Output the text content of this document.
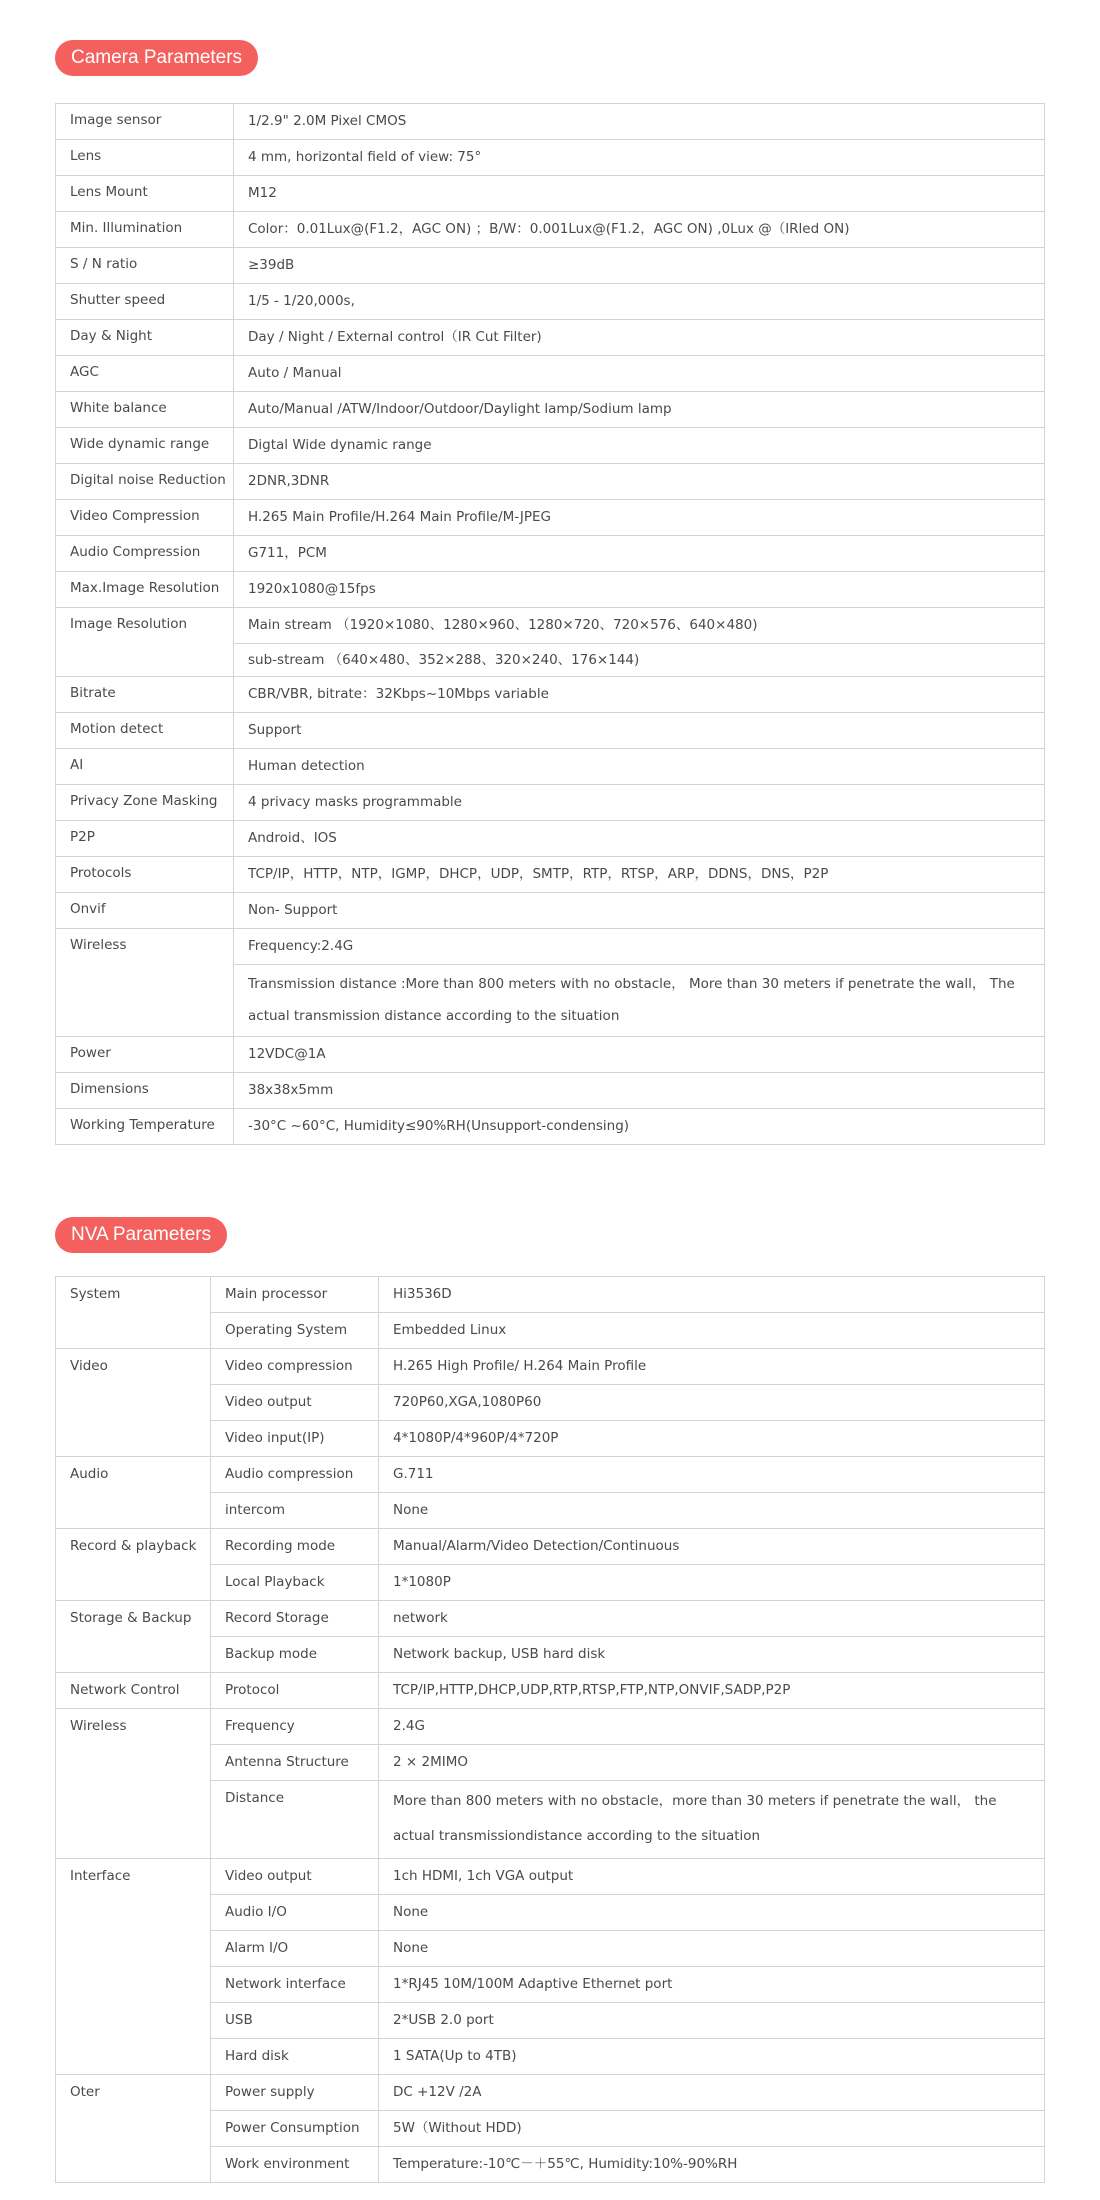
Camera Parameters
Image sensor	1/2.9" 2.0M Pixel CMOS
Lens	4 mm, horizontal field of view: 75°
Lens Mount	M12
Min. Illumination	Color：0.01Lux@(F1.2，AGC ON) ；B/W：0.001Lux@(F1.2，AGC ON) ,0Lux @（IRled ON)
S / N ratio	≥39dB
Shutter speed	1/5 - 1/20,000s,
Day & Night	Day / Night / External control（IR Cut Filter)
AGC	Auto / Manual
White balance	Auto/Manual /ATW/Indoor/Outdoor/Daylight lamp/Sodium lamp
Wide dynamic range	Digtal Wide dynamic range
Digital noise Reduction	2DNR,3DNR
Video Compression	H.265 Main Profile/H.264 Main Profile/M-JPEG
Audio Compression	G711，PCM
Max.Image Resolution	1920x1080@15fps
Image Resolution	Main stream （1920×1080、1280×960、1280×720、720×576、640×480)
	sub-stream （640×480、352×288、320×240、176×144)
Bitrate	CBR/VBR, bitrate：32Kbps~10Mbps variable
Motion detect	Support
AI	Human detection
Privacy Zone Masking	4 privacy masks programmable
P2P	Android、IOS
Protocols	TCP/IP，HTTP，NTP，IGMP，DHCP，UDP，SMTP，RTP，RTSP，ARP，DDNS，DNS，P2P
Onvif	Non- Support
Wireless	Frequency:2.4G
	Transmission distance :More than 800 meters with no obstacle， More than 30 meters if penetrate the wall， The actual transmission distance according to the situation
Power	12VDC@1A
Dimensions	38x38x5mm
Working Temperature	-30°C ~60°C, Humidity≤90%RH(Unsupport-condensing)
NVA Parameters
System	Main processor	Hi3536D
	Operating System	Embedded Linux
Video	Video compression	H.265 High Profile/ H.264 Main Profile
	Video output	720P60,XGA,1080P60
	Video input(IP)	4*1080P/4*960P/4*720P
Audio	Audio compression	G.711
	intercom	None
Record & playback	Recording mode	Manual/Alarm/Video Detection/Continuous
	Local Playback	1*1080P
Storage & Backup	Record Storage	network
	Backup mode	Network backup, USB hard disk
Network Control	Protocol	TCP/IP,HTTP,DHCP,UDP,RTP,RTSP,FTP,NTP,ONVIF,SADP,P2P
Wireless	Frequency	2.4G
	Antenna Structure	2 × 2MIMO
	Distance	More than 800 meters with no obstacle，more than 30 meters if penetrate the wall， the actual transmissiondistance according to the situation
Interface	Video output	1ch HDMI, 1ch VGA output
	Audio I/O	None
	Alarm I/O	None
	Network interface	1*RJ45 10M/100M Adaptive Ethernet port
	USB	2*USB 2.0 port
	Hard disk	1 SATA(Up to 4TB)
Oter	Power supply	DC +12V /2A
	Power Consumption	5W（Without HDD)
	Work environment	Temperature:-10℃－＋55℃, Humidity:10%-90%RH
